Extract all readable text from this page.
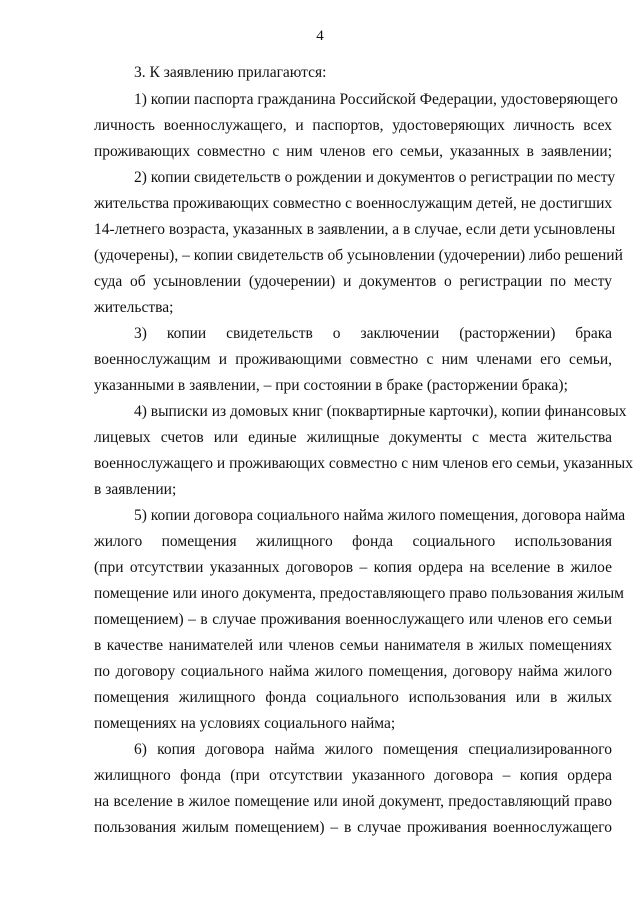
4
3. К заявлению прилагаются:
1) копии паспорта гражданина Российской Федерации, удостоверяющего
личность военнослужащего, и паспортов, удостоверяющих личность всех
проживающих совместно с ним членов его семьи, указанных в заявлении;
2) копии свидетельств о рождении и документов о регистрации по месту
жительства проживающих совместно с военнослужащим детей, не достигших
14-летнего возраста, указанных в заявлении, а в случае, если дети усыновлены
(удочерены), – копии свидетельств об усыновлении (удочерении) либо решений
суда об усыновлении (удочерении) и документов о регистрации по месту
жительства;
3) копии свидетельств о заключении (расторжении) брака
военнослужащим и проживающими совместно с ним членами его семьи,
указанными в заявлении, – при состоянии в браке (расторжении брака);
4) выписки из домовых книг (поквартирные карточки), копии финансовых
лицевых счетов или единые жилищные документы с места жительства
военнослужащего и проживающих совместно с ним членов его семьи, указанных
в заявлении;
5) копии договора социального найма жилого помещения, договора найма
жилого помещения жилищного фонда социального использования
(при отсутствии указанных договоров – копия ордера на вселение в жилое
помещение или иного документа, предоставляющего право пользования жилым
помещением) – в случае проживания военнослужащего или членов его семьи
в качестве нанимателей или членов семьи нанимателя в жилых помещениях
по договору социального найма жилого помещения, договору найма жилого
помещения жилищного фонда социального использования или в жилых
помещениях на условиях социального найма;
6) копия договора найма жилого помещения специализированного
жилищного фонда (при отсутствии указанного договора – копия ордера
на вселение в жилое помещение или иной документ, предоставляющий право
пользования жилым помещением) – в случае проживания военнослужащего
